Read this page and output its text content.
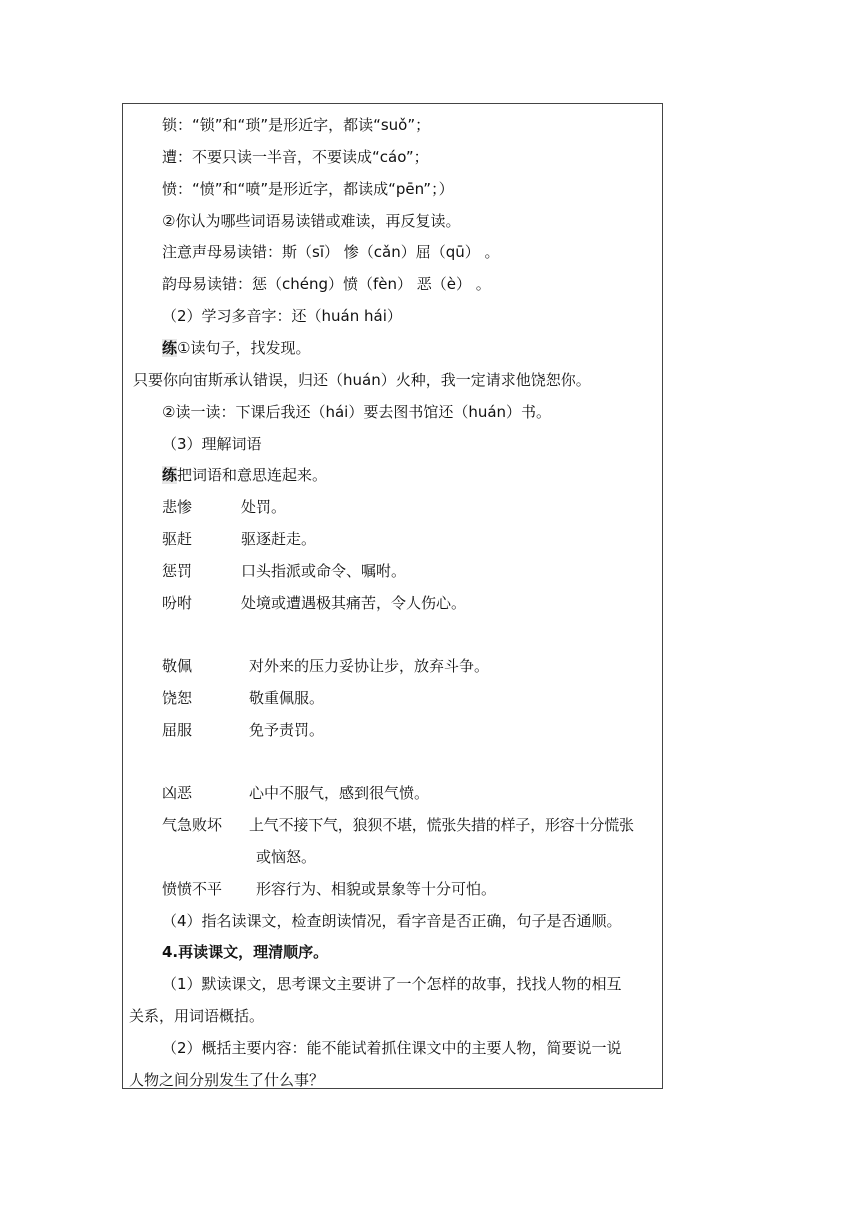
锁：“锁”和“琐”是形近字，都读“suǒ”；
遭：不要只读一半音，不要读成“cáo”；
愤：“愤”和“喷”是形近字，都读成“pēn”；）
②你认为哪些词语易读错或难读，再反复读。
注意声母易读错：斯（sī） 惨（cǎn）屈（qū） 。
韵母易读错：惩（chéng）愤（fèn） 恶（è） 。
（2）学习多音字：还（huán hái）
练①读句子，找发现。
只要你向宙斯承认错误，归还（huán）火种，我一定请求他饶恕你。
②读一读：下课后我还（hái）要去图书馆还（huán）书。
（3）理解词语
练把词语和意思连起来。
悲惨	处罚。
驱赶	驱逐赶走。
惩罚	口头指派或命令、嘱咐。
吩咐	处境或遭遇极其痛苦，令人伤心。
敬佩	对外来的压力妥协让步，放弃斗争。
饶恕	敬重佩服。
屈服	免予责罚。
凶恶	心中不服气，感到很气愤。
气急败坏 上气不接下气，狼狈不堪，慌张失措的样子，形容十分慌张
或恼怒。
愤愤不平 形容行为、相貌或景象等十分可怕。
（4）指名读课文，检查朗读情况，看字音是否正确，句子是否通顺。
4.再读课文，理清顺序。
（1）默读课文，思考课文主要讲了一个怎样的故事，找找人物的相互
关系，用词语概括。
（2）概括主要内容：能不能试着抓住课文中的主要人物，简要说一说
人物之间分别发生了什么事？
